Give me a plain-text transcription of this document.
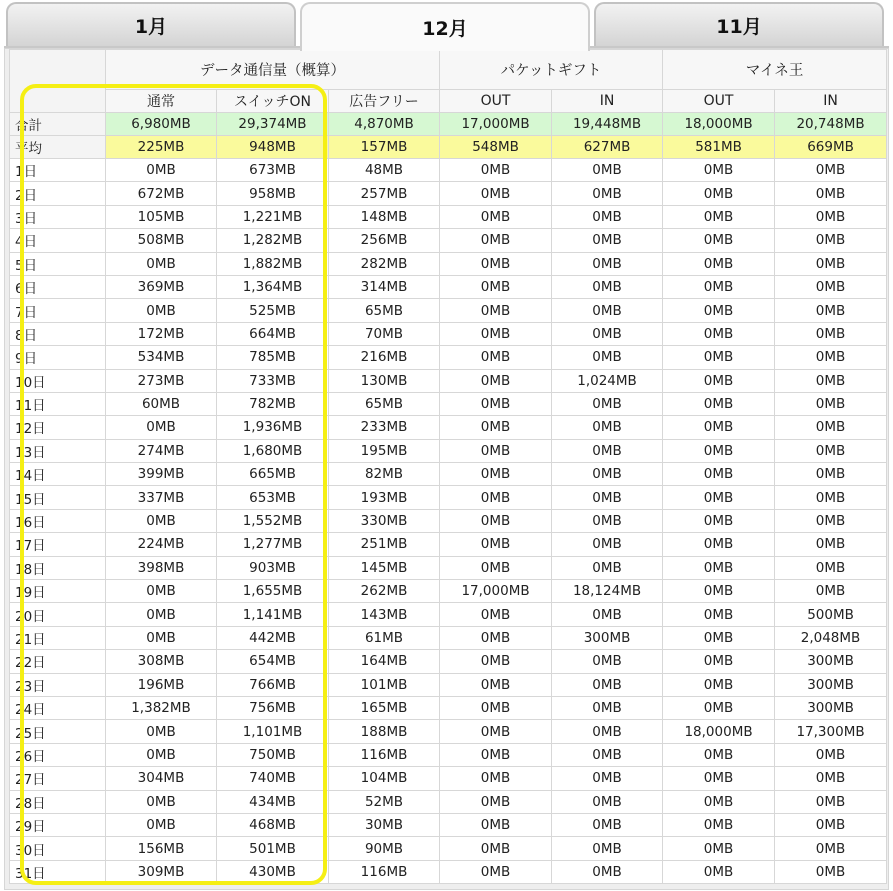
1月	12月	11月
	データ通信量（概算）			パケットギフト		マイネ王	
	通常	スイッチON	広告フリー	OUT	IN	OUT	IN
合計	6,980MB	29,374MB	4,870MB	17,000MB	19,448MB	18,000MB	20,748MB
平均	225MB	948MB	157MB	548MB	627MB	581MB	669MB
1日	0MB	673MB	48MB	0MB	0MB	0MB	0MB
2日	672MB	958MB	257MB	0MB	0MB	0MB	0MB
3日	105MB	1,221MB	148MB	0MB	0MB	0MB	0MB
4日	508MB	1,282MB	256MB	0MB	0MB	0MB	0MB
5日	0MB	1,882MB	282MB	0MB	0MB	0MB	0MB
6日	369MB	1,364MB	314MB	0MB	0MB	0MB	0MB
7日	0MB	525MB	65MB	0MB	0MB	0MB	0MB
8日	172MB	664MB	70MB	0MB	0MB	0MB	0MB
9日	534MB	785MB	216MB	0MB	0MB	0MB	0MB
10日	273MB	733MB	130MB	0MB	1,024MB	0MB	0MB
11日	60MB	782MB	65MB	0MB	0MB	0MB	0MB
12日	0MB	1,936MB	233MB	0MB	0MB	0MB	0MB
13日	274MB	1,680MB	195MB	0MB	0MB	0MB	0MB
14日	399MB	665MB	82MB	0MB	0MB	0MB	0MB
15日	337MB	653MB	193MB	0MB	0MB	0MB	0MB
16日	0MB	1,552MB	330MB	0MB	0MB	0MB	0MB
17日	224MB	1,277MB	251MB	0MB	0MB	0MB	0MB
18日	398MB	903MB	145MB	0MB	0MB	0MB	0MB
19日	0MB	1,655MB	262MB	17,000MB	18,124MB	0MB	0MB
20日	0MB	1,141MB	143MB	0MB	0MB	0MB	500MB
21日	0MB	442MB	61MB	0MB	300MB	0MB	2,048MB
22日	308MB	654MB	164MB	0MB	0MB	0MB	300MB
23日	196MB	766MB	101MB	0MB	0MB	0MB	300MB
24日	1,382MB	756MB	165MB	0MB	0MB	0MB	300MB
25日	0MB	1,101MB	188MB	0MB	0MB	18,000MB	17,300MB
26日	0MB	750MB	116MB	0MB	0MB	0MB	0MB
27日	304MB	740MB	104MB	0MB	0MB	0MB	0MB
28日	0MB	434MB	52MB	0MB	0MB	0MB	0MB
29日	0MB	468MB	30MB	0MB	0MB	0MB	0MB
30日	156MB	501MB	90MB	0MB	0MB	0MB	0MB
31日	309MB	430MB	116MB	0MB	0MB	0MB	0MB
